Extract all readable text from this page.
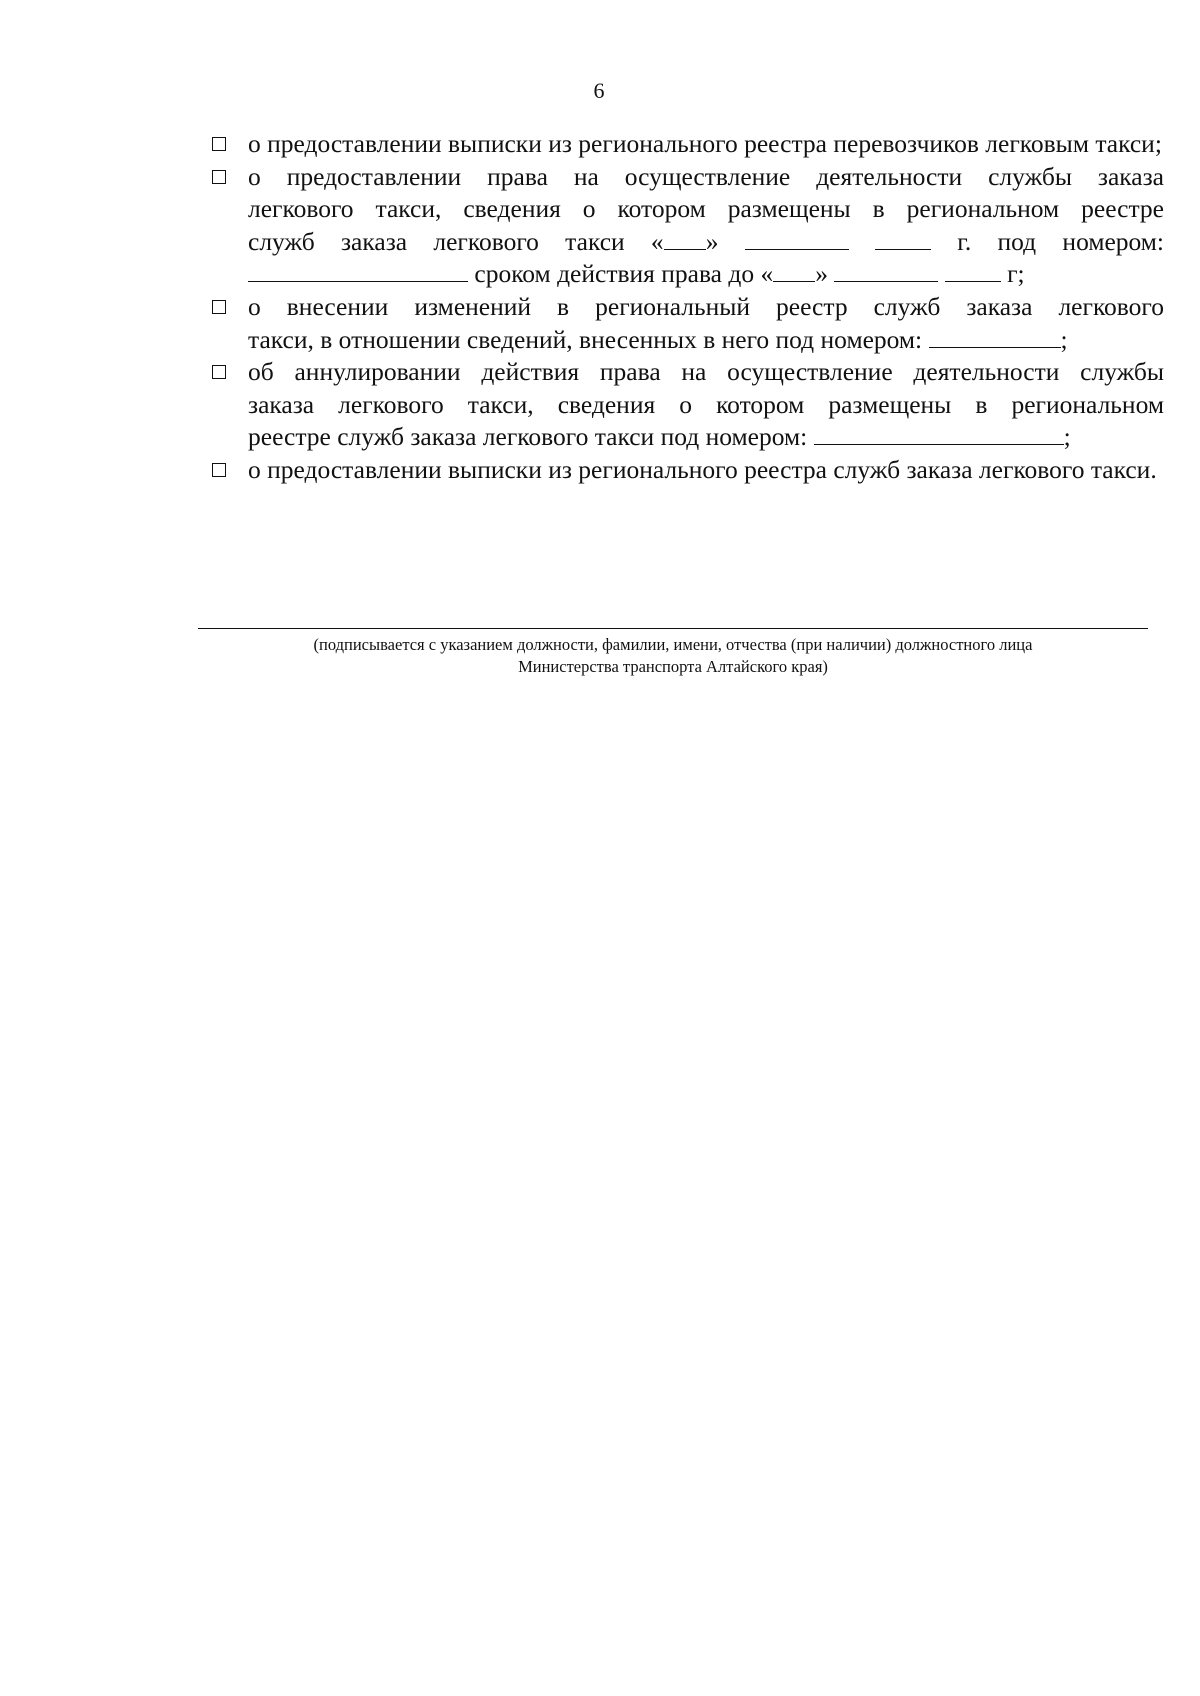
6
о предоставлении выписки из регионального реестра перевозчиков легковым такси;
о предоставлении права на осуществление деятельности службы заказа
легкового такси, сведения о котором размещены в региональном реестре
служб заказа легкового такси « »	г. под номером:
сроком действия права до « »	г;
о внесении изменений в региональный реестр служб заказа легкового
такси, в отношении сведений, внесенных в него под номером:	;
об аннулировании действия права на осуществление деятельности службы
заказа легкового такси, сведения о котором размещены в региональном
реестре служб заказа легкового такси под номером:	;
о предоставлении выписки из регионального реестра служб заказа легкового такси.
(подписывается с указанием должности, фамилии, имени, отчества (при наличии) должностного лица
Министерства транспорта Алтайского края)
